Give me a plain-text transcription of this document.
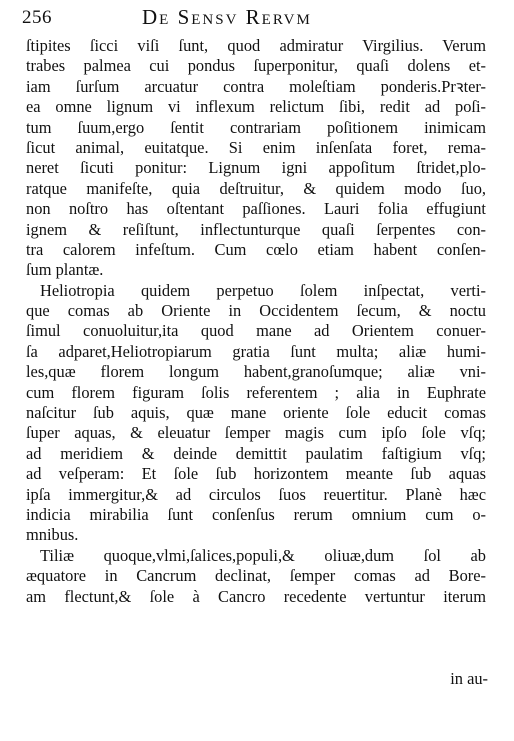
256	De Sensv Rervm
ſtipites ſicci viſi ſunt, quod admiratur Virgilius. Verum
trabes palmea cui pondus ſuperponitur, quaſi dolens et-
iam ſurſum arcuatur contra moleſtiam ponderis.Prꝛter-
ea omne lignum vi inflexum relictum ſibi, redit ad poſi-
tum ſuum,ergo ſentit contrariam poſitionem inimicam
ſicut animal, euitatque. Si enim inſenſata foret, rema-
neret ſicuti ponitur: Lignum igni appoſitum ſtridet,plo-
ratque manifeſte, quia deſtruitur, & quidem modo ſuo,
non noſtro has oſtentant paſſiones. Lauri folia effugiunt
ignem & reſiſtunt, inflectunturque quaſi ſerpentes con-
tra calorem infeſtum. Cum cœlo etiam habent conſen-
ſum plantæ.
Heliotropia quidem perpetuo ſolem inſpectat, verti-
que comas ab Oriente in Occidentem ſecum, & noctu
ſimul conuoluitur,ita quod mane ad Orientem conuer-
ſa adparet,Heliotropiarum gratia ſunt multa; aliæ humi-
les,quæ florem longum habent,granoſumque; aliæ vni-
cum florem figuram ſolis referentem ; alia in Euphrate
naſcitur ſub aquis, quæ mane oriente ſole educit comas
ſuper aquas, & eleuatur ſemper magis cum ipſo ſole vſq;
ad meridiem & deinde demittit paulatim faſtigium vſq;
ad veſperam: Et ſole ſub horizontem meante ſub aquas
ipſa immergitur,& ad circulos ſuos reuertitur. Planè hæc
indicia mirabilia ſunt conſenſus rerum omnium cum o-
mnibus.
Tiliæ quoque,vlmi,ſalices,populi,& oliuæ,dum ſol ab
æquatore in Cancrum declinat, ſemper comas ad Bore-
am flectunt,& ſole à Cancro recedente vertuntur iterum
in au-
